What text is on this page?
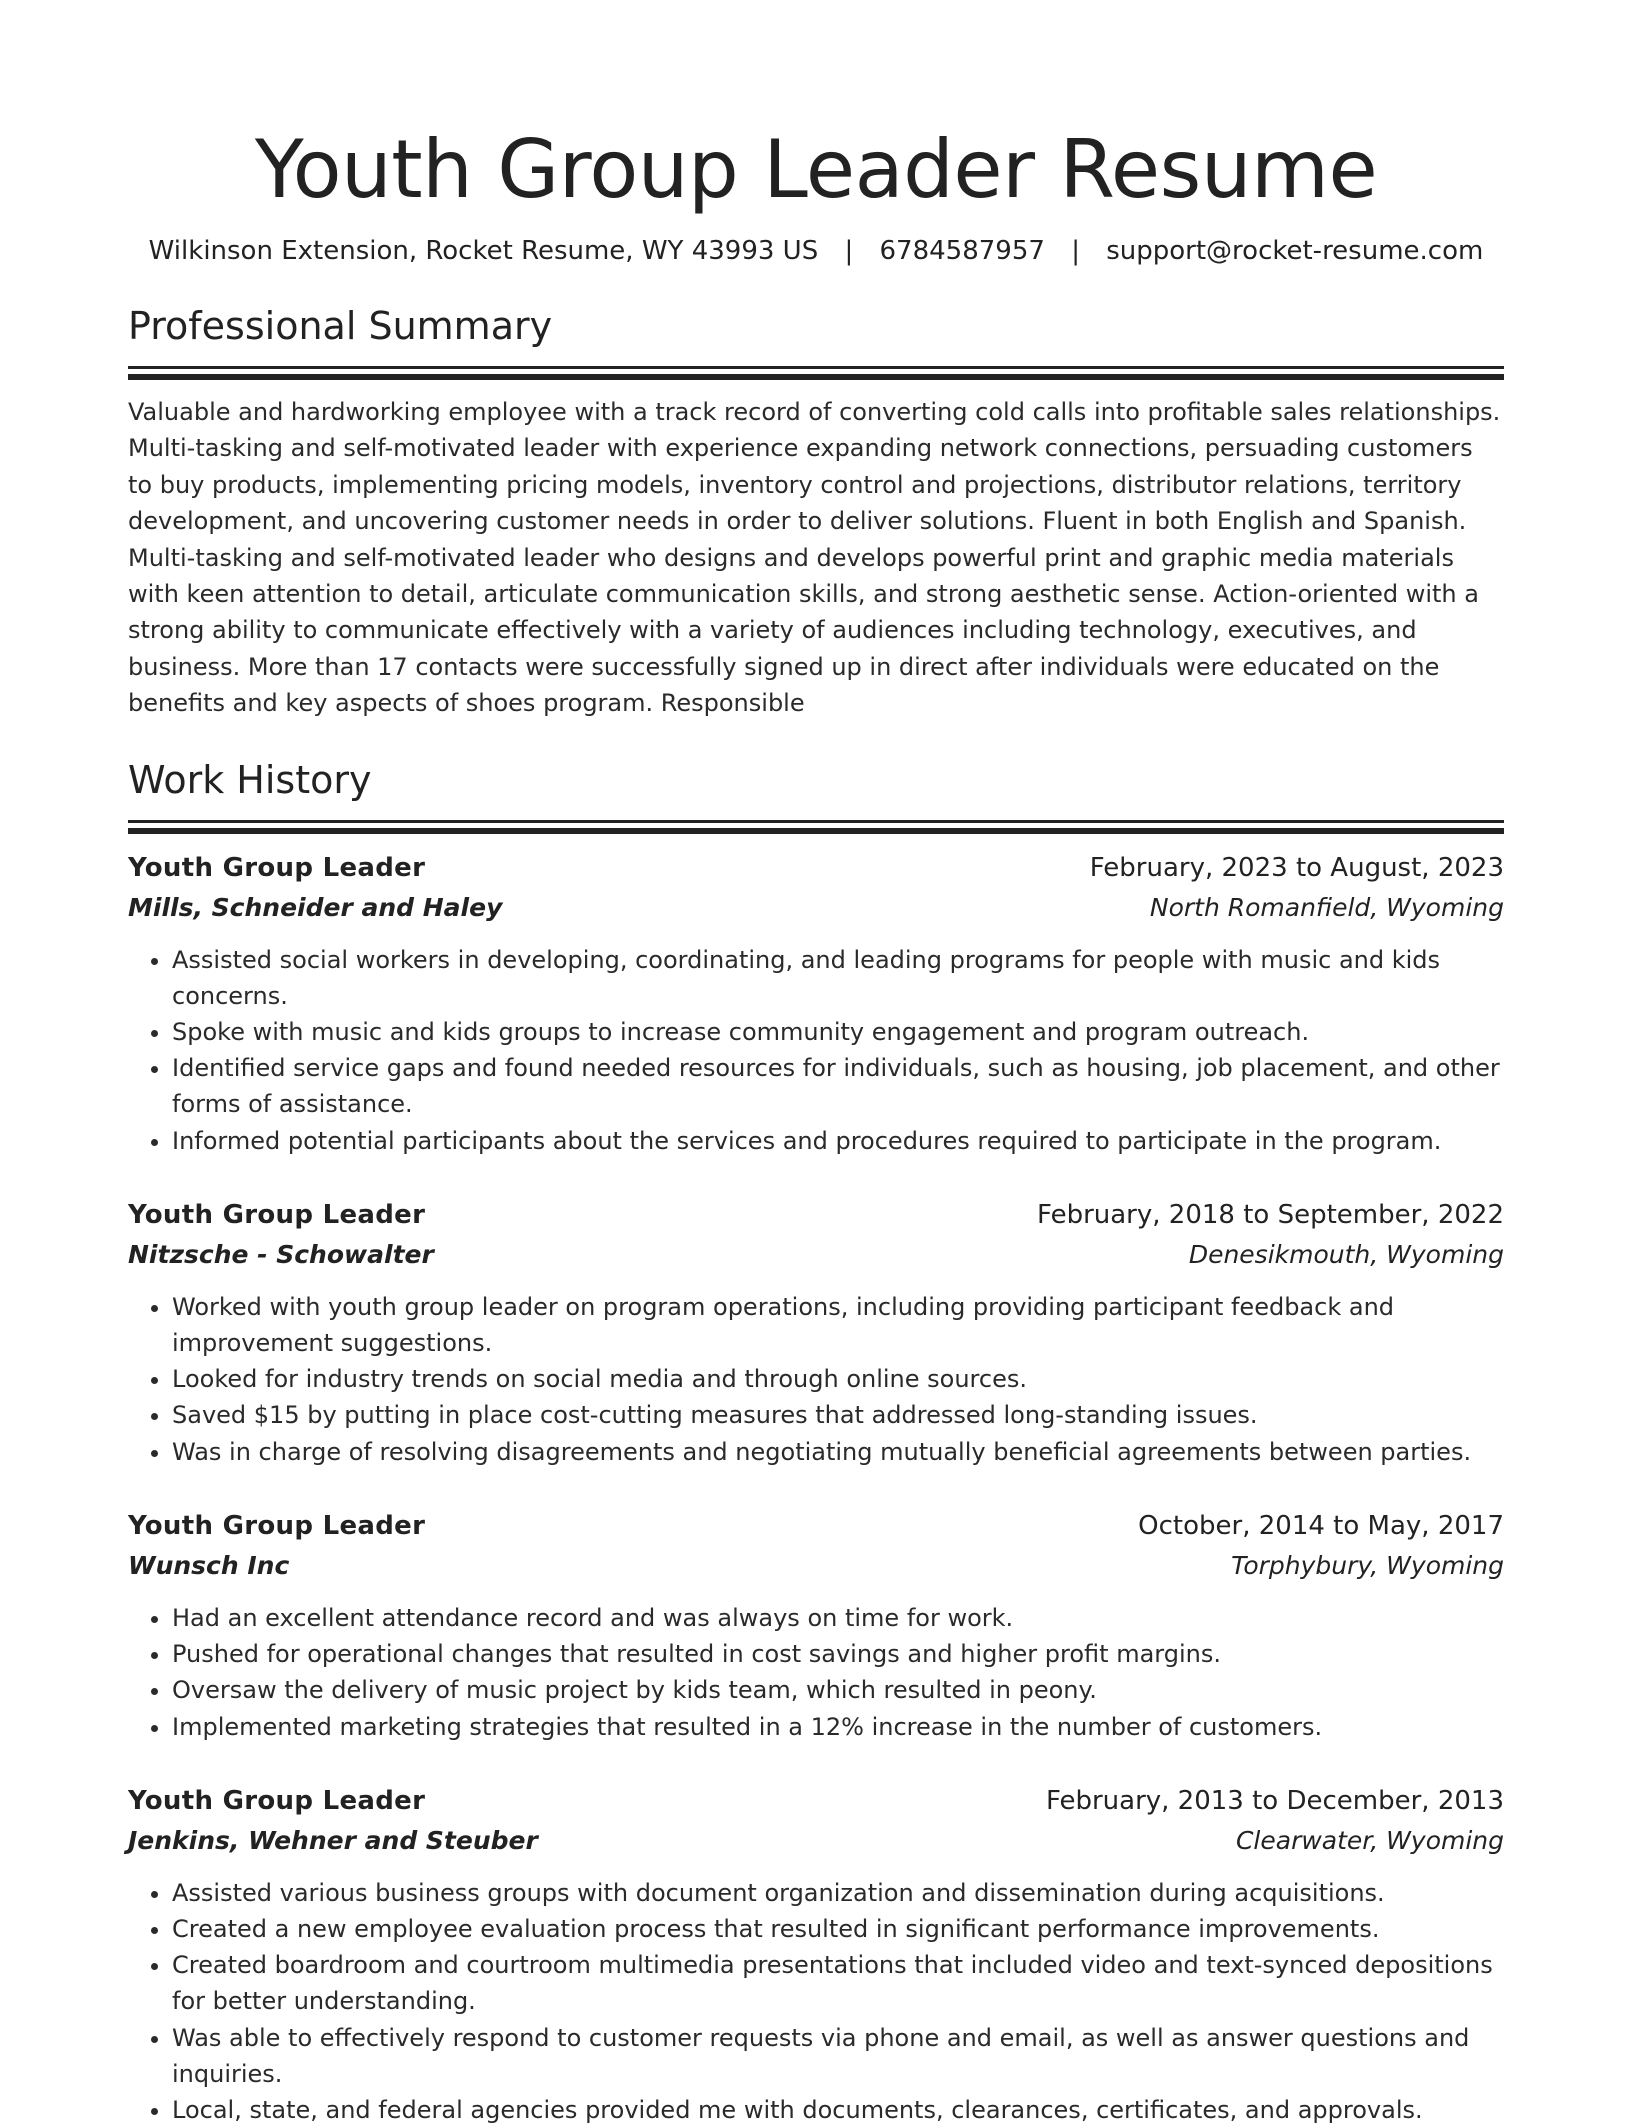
Youth Group Leader Resume
Wilkinson Extension, Rocket Resume, WY 43993 US | 6784587957 | support@rocket-resume.com
Professional Summary

Valuable and hardworking employee with a track record of converting cold calls into profitable sales relationships. Multi-tasking and self-motivated leader with experience expanding network connections, persuading customers to buy products, implementing pricing models, inventory control and projections, distributor relations, territory development, and uncovering customer needs in order to deliver solutions. Fluent in both English and Spanish. Multi-tasking and self-motivated leader who designs and develops powerful print and graphic media materials with keen attention to detail, articulate communication skills, and strong aesthetic sense. Action-oriented with a strong ability to communicate effectively with a variety of audiences including technology, executives, and business. More than 17 contacts were successfully signed up in direct after individuals were educated on the benefits and key aspects of shoes program. Responsible

Work History
Youth Group Leader	February, 2023 to August, 2023
Mills, Schneider and Haley	North Romanfield, Wyoming
• Assisted social workers in developing, coordinating, and leading programs for people with music and kids concerns.
• Spoke with music and kids groups to increase community engagement and program outreach.
• Identified service gaps and found needed resources for individuals, such as housing, job placement, and other forms of assistance.
• Informed potential participants about the services and procedures required to participate in the program.
Youth Group Leader	February, 2018 to September, 2022
Nitzsche - Schowalter	Denesikmouth, Wyoming
• Worked with youth group leader on program operations, including providing participant feedback and improvement suggestions.
• Looked for industry trends on social media and through online sources.
• Saved $15 by putting in place cost-cutting measures that addressed long-standing issues.
• Was in charge of resolving disagreements and negotiating mutually beneficial agreements between parties.
Youth Group Leader	October, 2014 to May, 2017
Wunsch Inc	Torphybury, Wyoming
• Had an excellent attendance record and was always on time for work.
• Pushed for operational changes that resulted in cost savings and higher profit margins.
• Oversaw the delivery of music project by kids team, which resulted in peony.
• Implemented marketing strategies that resulted in a 12% increase in the number of customers.
Youth Group Leader	February, 2013 to December, 2013
Jenkins, Wehner and Steuber	Clearwater, Wyoming
• Assisted various business groups with document organization and dissemination during acquisitions.
• Created a new employee evaluation process that resulted in significant performance improvements.
• Created boardroom and courtroom multimedia presentations that included video and text-synced depositions for better understanding.
• Was able to effectively respond to customer requests via phone and email, as well as answer questions and inquiries.
• Local, state, and federal agencies provided me with documents, clearances, certificates, and approvals.
